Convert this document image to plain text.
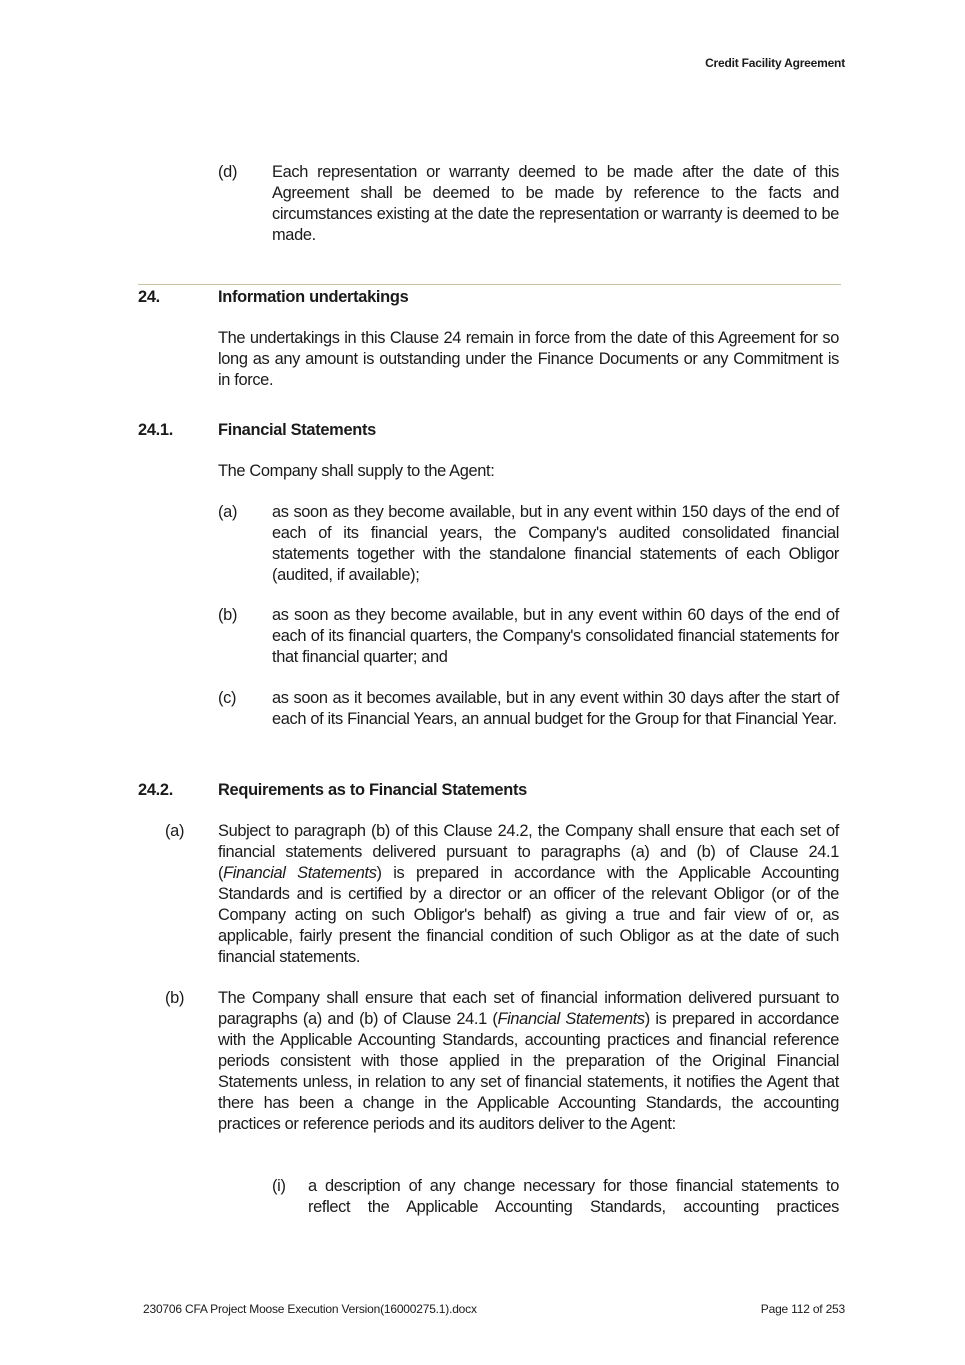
Credit Facility Agreement
(d) Each representation or warranty deemed to be made after the date of this Agreement shall be deemed to be made by reference to the facts and circumstances existing at the date the representation or warranty is deemed to be made.
24.	Information undertakings
The undertakings in this Clause 24 remain in force from the date of this Agreement for so long as any amount is outstanding under the Finance Documents or any Commitment is in force.
24.1.	Financial Statements
The Company shall supply to the Agent:
(a) as soon as they become available, but in any event within 150 days of the end of each of its financial years, the Company's audited consolidated financial statements together with the standalone financial statements of each Obligor (audited, if available);
(b) as soon as they become available, but in any event within 60 days of the end of each of its financial quarters, the Company's consolidated financial statements for that financial quarter; and
(c) as soon as it becomes available, but in any event within 30 days after the start of each of its Financial Years, an annual budget for the Group for that Financial Year.
24.2.	Requirements as to Financial Statements
(a) Subject to paragraph (b) of this Clause 24.2, the Company shall ensure that each set of financial statements delivered pursuant to paragraphs (a) and (b) of Clause 24.1 (Financial Statements) is prepared in accordance with the Applicable Accounting Standards and is certified by a director or an officer of the relevant Obligor (or of the Company acting on such Obligor's behalf) as giving a true and fair view of or, as applicable, fairly present the financial condition of such Obligor as at the date of such financial statements.
(b) The Company shall ensure that each set of financial information delivered pursuant to paragraphs (a) and (b) of Clause 24.1 (Financial Statements) is prepared in accordance with the Applicable Accounting Standards, accounting practices and financial reference periods consistent with those applied in the preparation of the Original Financial Statements unless, in relation to any set of financial statements, it notifies the Agent that there has been a change in the Applicable Accounting Standards, the accounting practices or reference periods and its auditors deliver to the Agent:
(i) a description of any change necessary for those financial statements to reflect the Applicable Accounting Standards, accounting practices
230706 CFA Project Moose Execution Version(16000275.1).docx	Page 112 of 253
